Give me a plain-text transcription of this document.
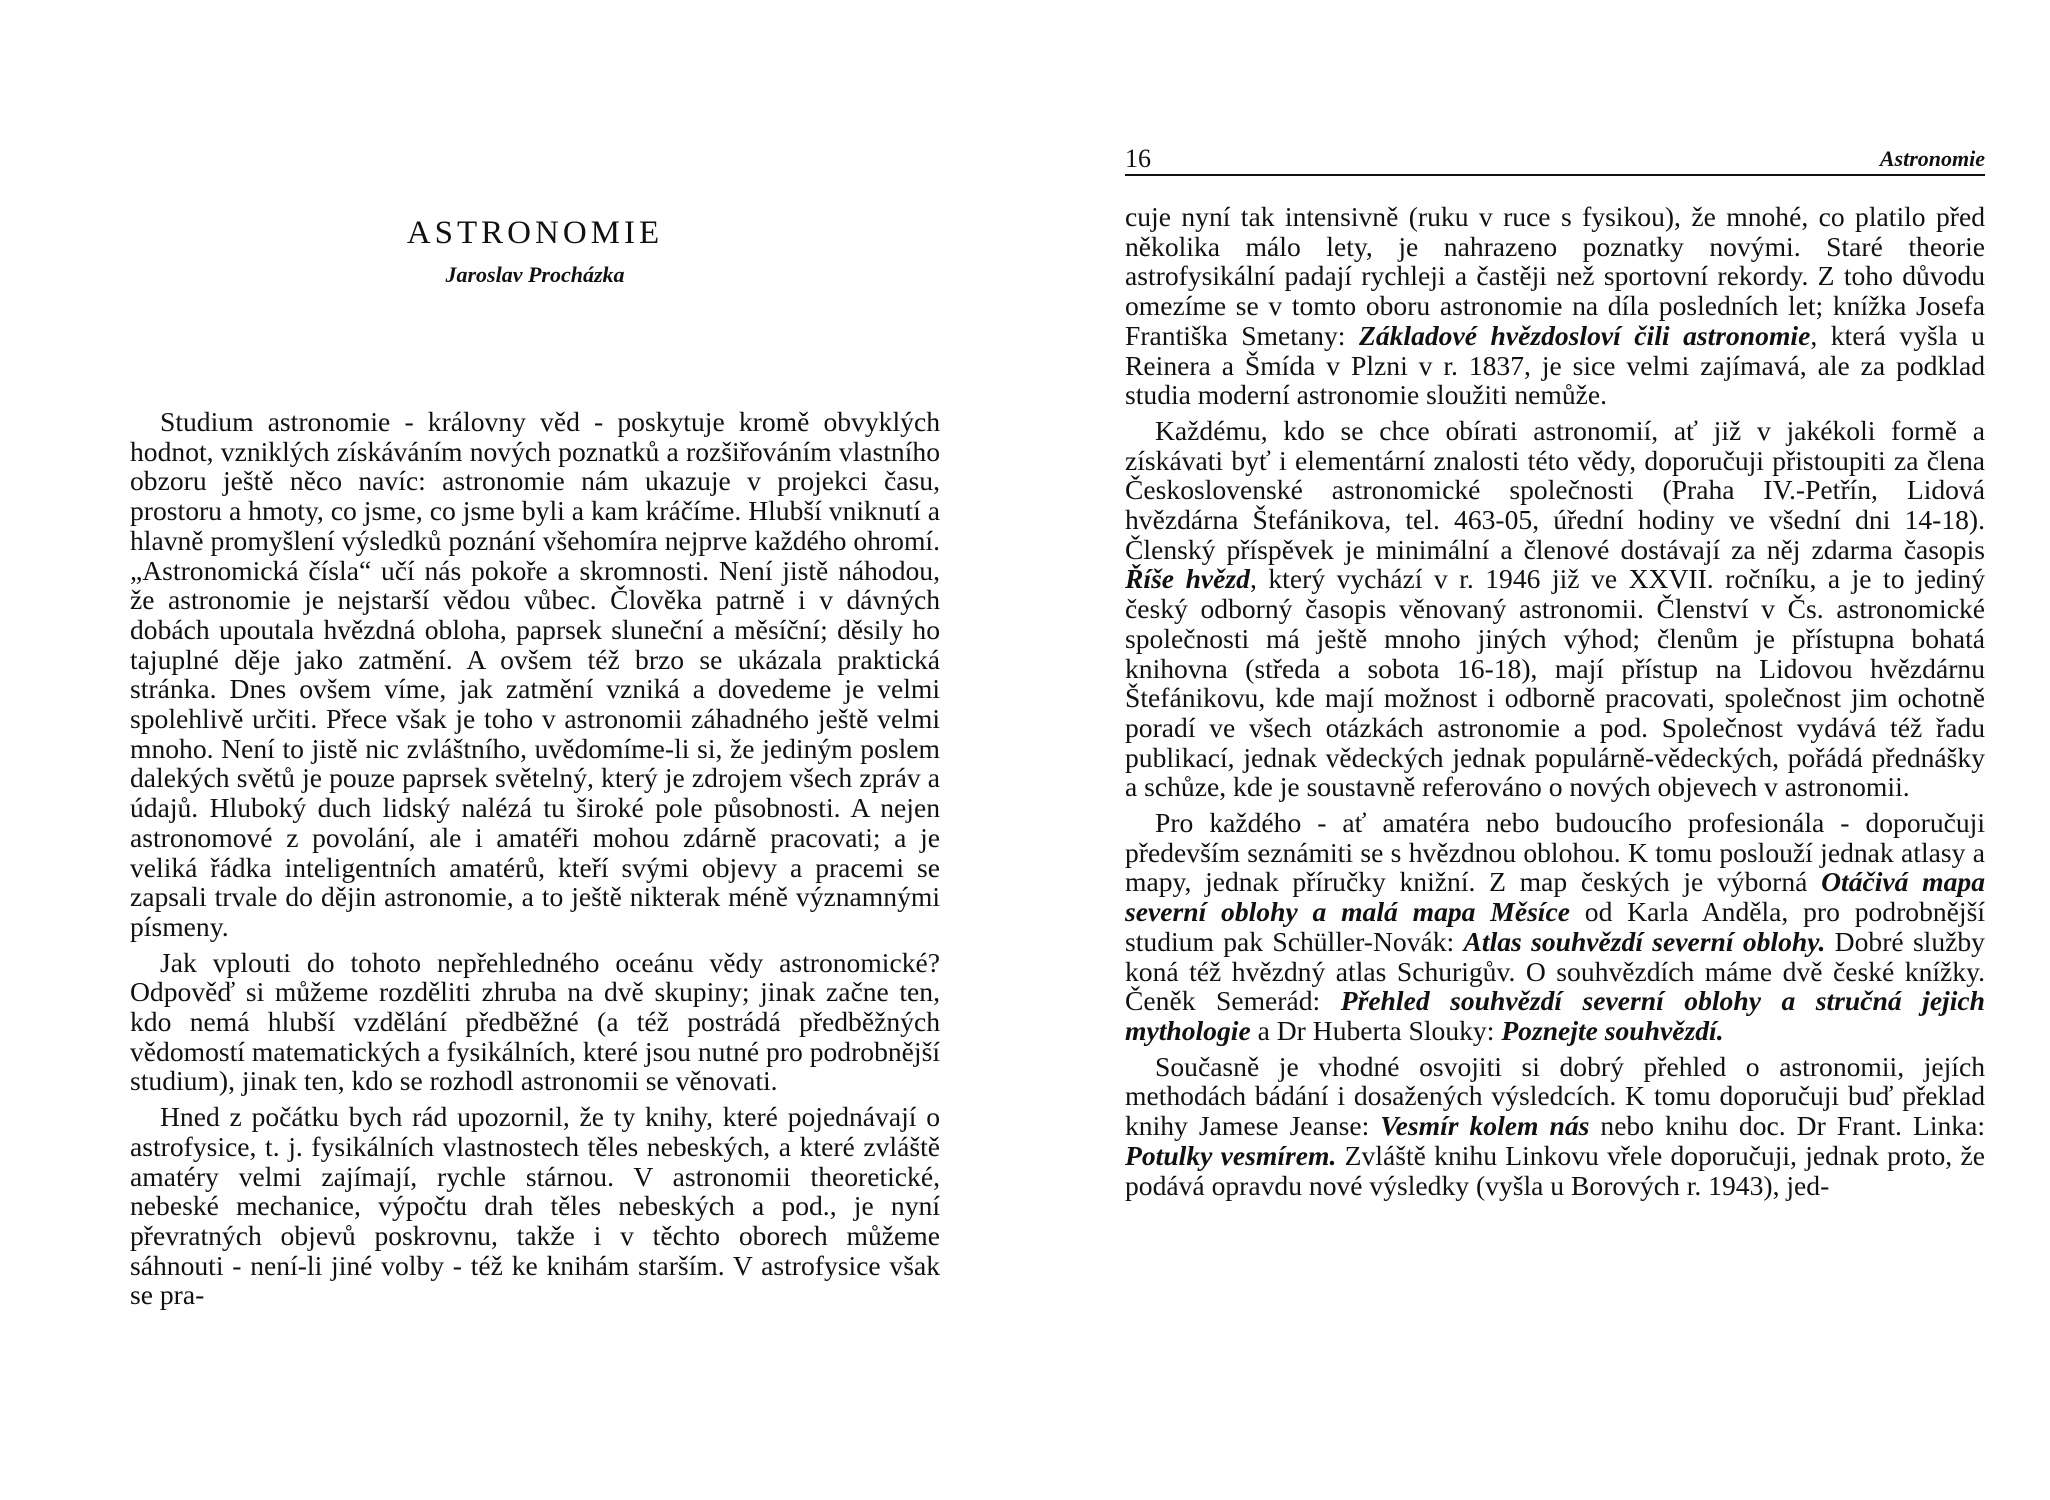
ASTRONOMIE
Jaroslav Procházka

Studium astronomie - královny věd - poskytuje kromě obvyklých hodnot, vzniklých získáváním nových poznatků a rozšiřováním vlastního obzoru ještě něco navíc: astronomie nám ukazuje v projekci času, prostoru a hmoty, co jsme, co jsme byli a kam kráčíme. Hlubší vniknutí a hlavně promyšlení výsledků poznání všehomíra nejprve každého ohromí. „Astronomická čísla“ učí nás pokoře a skromnosti. Není jistě náhodou, že astronomie je nejstarší vědou vůbec. Člověka patrně i v dávných dobách upoutala hvězdná obloha, paprsek sluneční a měsíční; děsily ho tajuplné děje jako zatmění. A ovšem též brzo se ukázala praktická stránka. Dnes ovšem víme, jak zatmění vzniká a dovedeme je velmi spolehlivě určiti. Přece však je toho v astronomii záhadného ještě velmi mnoho. Není to jistě nic zvláštního, uvědomíme-li si, že jediným poslem dalekých světů je pouze paprsek světelný, který je zdrojem všech zpráv a údajů. Hluboký duch lidský nalézá tu široké pole působnosti. A nejen astronomové z povolání, ale i amatéři mohou zdárně pracovati; a je veliká řádka inteligentních amatérů, kteří svými objevy a pracemi se zapsali trvale do dějin astronomie, a to ještě nikterak méně významnými písmeny.

Jak vplouti do tohoto nepřehledného oceánu vědy astronomické? Odpověď si můžeme rozděliti zhruba na dvě skupiny; jinak začne ten, kdo nemá hlubší vzdělání předběžné (a též postrádá předběžných vědomostí matematických a fysikálních, které jsou nutné pro podrobnější studium), jinak ten, kdo se rozhodl astronomii se věnovati.

Hned z počátku bych rád upozornil, že ty knihy, které pojednávají o astrofysice, t. j. fysikálních vlastnostech těles nebeských, a které zvláště amatéry velmi zajímají, rychle stárnou. V astronomii theoretické, nebeské mechanice, výpočtu drah těles nebeských a pod., je nyní převratných objevů poskrovnu, takže i v těchto oborech můžeme sáhnouti - není-li jiné volby - též ke knihám starším. V astrofysice však se pra-

16	Astronomie

cuje nyní tak intensivně (ruku v ruce s fysikou), že mnohé, co platilo před několika málo lety, je nahrazeno poznatky novými. Staré theorie astrofysikální padají rychleji a častěji než sportovní rekordy. Z toho důvodu omezíme se v tomto oboru astronomie na díla posledních let; knížka Josefa Františka Smetany: Základové hvězdosloví čili astronomie, která vyšla u Reinera a Šmída v Plzni v r. 1837, je sice velmi zajímavá, ale za podklad studia moderní astronomie sloužiti nemůže.

Každému, kdo se chce obírati astronomií, ať již v jakékoli formě a získávati byť i elementární znalosti této vědy, doporučuji přistoupiti za člena Československé astronomické společnosti (Praha IV.-Petřín, Lidová hvězdárna Štefánikova, tel. 463-05, úřední hodiny ve všední dni 14-18). Členský příspěvek je minimální a členové dostávají za něj zdarma časopis Říše hvězd, který vychází v r. 1946 již ve XXVII. ročníku, a je to jediný český odborný časopis věnovaný astronomii. Členství v Čs. astronomické společnosti má ještě mnoho jiných výhod; členům je přístupna bohatá knihovna (středa a sobota 16-18), mají přístup na Lidovou hvězdárnu Štefánikovu, kde mají možnost i odborně pracovati, společnost jim ochotně poradí ve všech otázkách astronomie a pod. Společnost vydává též řadu publikací, jednak vědeckých jednak populárně-vědeckých, pořádá přednášky a schůze, kde je soustavně referováno o nových objevech v astronomii.

Pro každého - ať amatéra nebo budoucího profesionála - doporučuji především seznámiti se s hvězdnou oblohou. K tomu poslouží jednak atlasy a mapy, jednak příručky knižní. Z map českých je výborná Otáčivá mapa severní oblohy a malá mapa Měsíce od Karla Anděla, pro podrobnější studium pak Schüller-Novák: Atlas souhvězdí severní oblohy. Dobré služby koná též hvězdný atlas Schurigův. O souhvězdích máme dvě české knížky. Čeněk Semerád: Přehled souhvězdí severní oblohy a stručná jejich mythologie a Dr Huberta Slouky: Poznejte souhvězdí.

Současně je vhodné osvojiti si dobrý přehled o astronomii, jejích methodách bádání i dosažených výsledcích. K tomu doporučuji buď překlad knihy Jamese Jeanse: Vesmír kolem nás nebo knihu doc. Dr Frant. Linka: Potulky vesmírem. Zvláště knihu Linkovu vřele doporučuji, jednak proto, že podává opravdu nové výsledky (vyšla u Borových r. 1943), jed-
